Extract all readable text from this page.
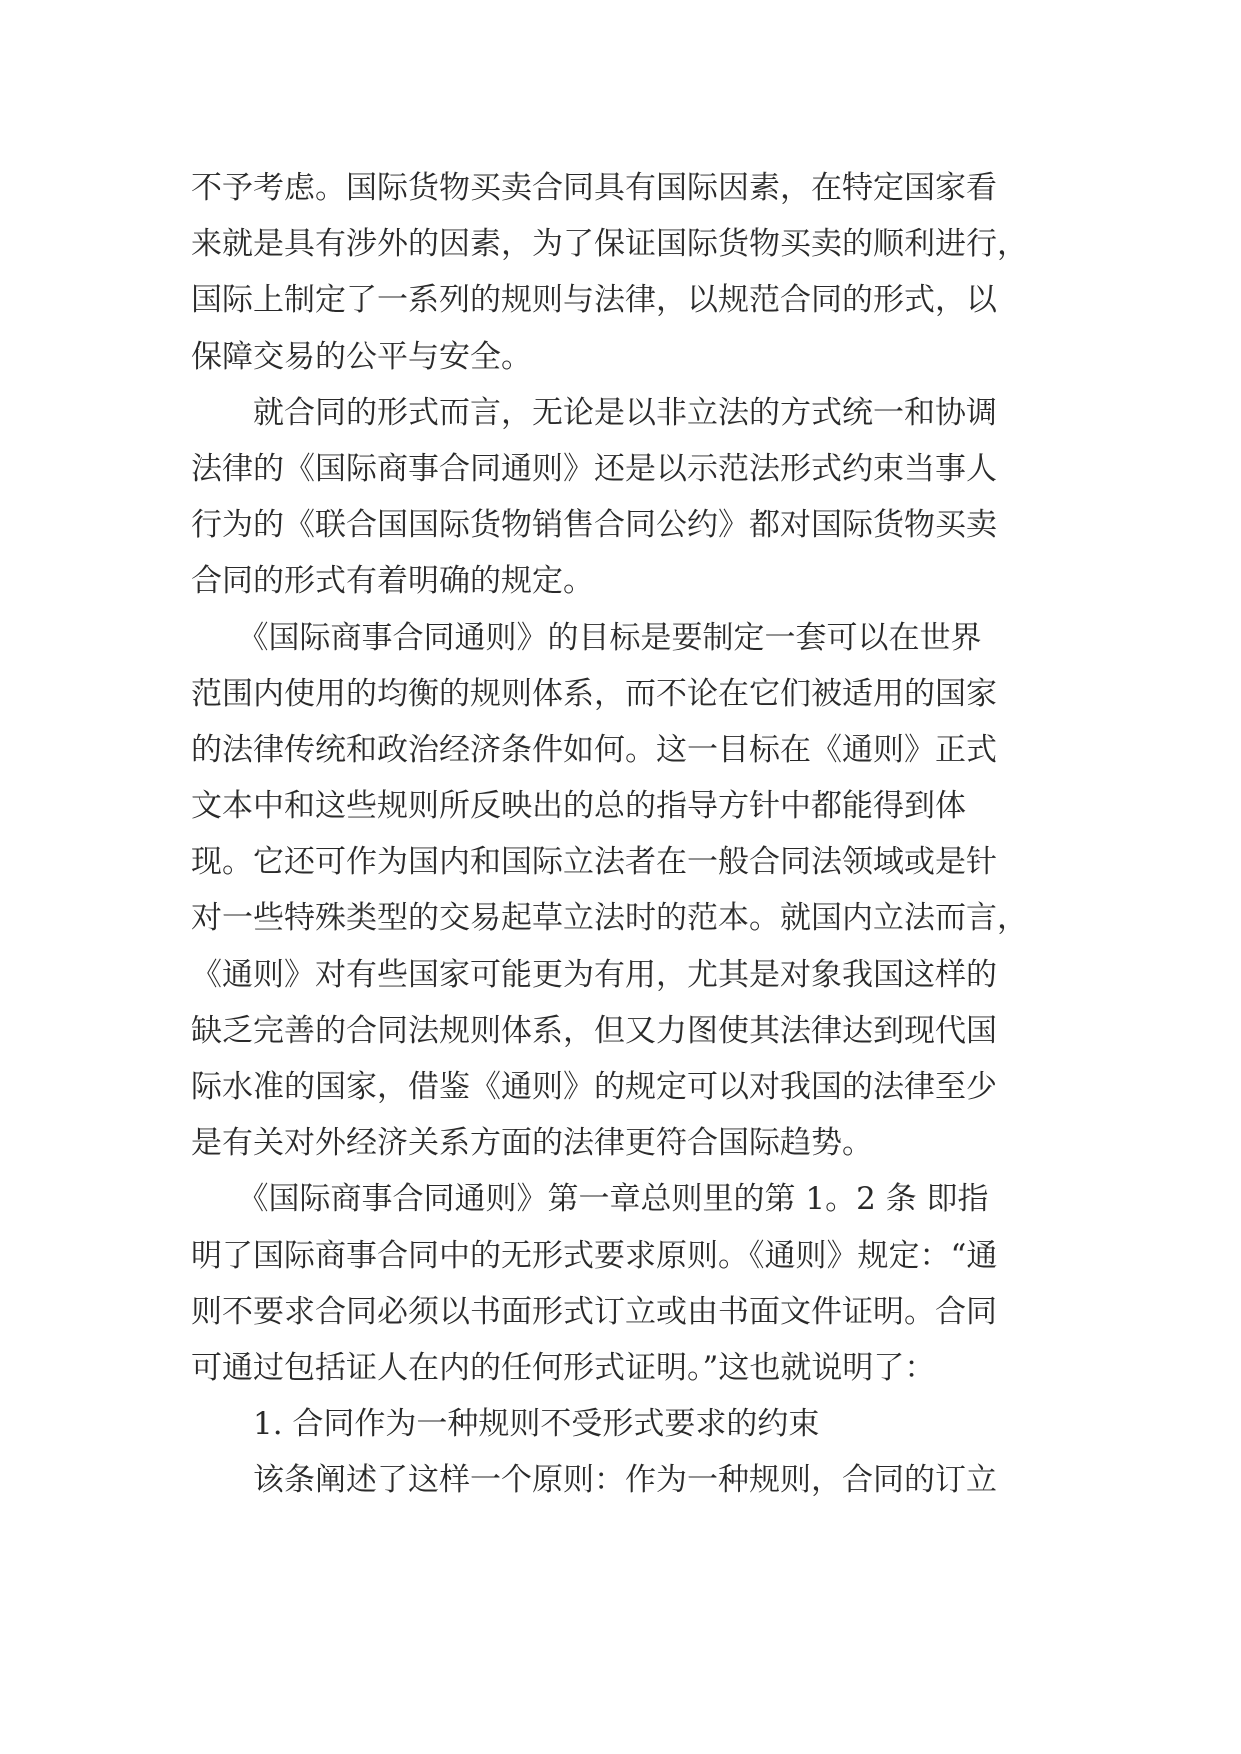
不予考虑。国际货物买卖合同具有国际因素，在特定国家看
来就是具有涉外的因素，为了保证国际货物买卖的顺利进行，
国际上制定了一系列的规则与法律，以规范合同的形式，以
保障交易的公平与安全。
　　就合同的形式而言，无论是以非立法的方式统一和协调
法律的《国际商事合同通则》还是以示范法形式约束当事人
行为的《联合国国际货物销售合同公约》都对国际货物买卖
合同的形式有着明确的规定。
　　《国际商事合同通则》的目标是要制定一套可以在世界
范围内使用的均衡的规则体系，而不论在它们被适用的国家
的法律传统和政治经济条件如何。这一目标在《通则》正式
文本中和这些规则所反映出的总的指导方针中都能得到体
现。它还可作为国内和国际立法者在一般合同法领域或是针
对一些特殊类型的交易起草立法时的范本。就国内立法而言，
《通则》对有些国家可能更为有用，尤其是对象我国这样的
缺乏完善的合同法规则体系，但又力图使其法律达到现代国
际水准的国家，借鉴《通则》的规定可以对我国的法律至少
是有关对外经济关系方面的法律更符合国际趋势。
　　《国际商事合同通则》第一章总则里的第 1。2 条 即指
明了国际商事合同中的无形式要求原则。《通则》规定：“通
则不要求合同必须以书面形式订立或由书面文件证明。合同
可通过包括证人在内的任何形式证明。”这也就说明了：
　　1. 合同作为一种规则不受形式要求的约束
　　该条阐述了这样一个原则：作为一种规则，合同的订立
